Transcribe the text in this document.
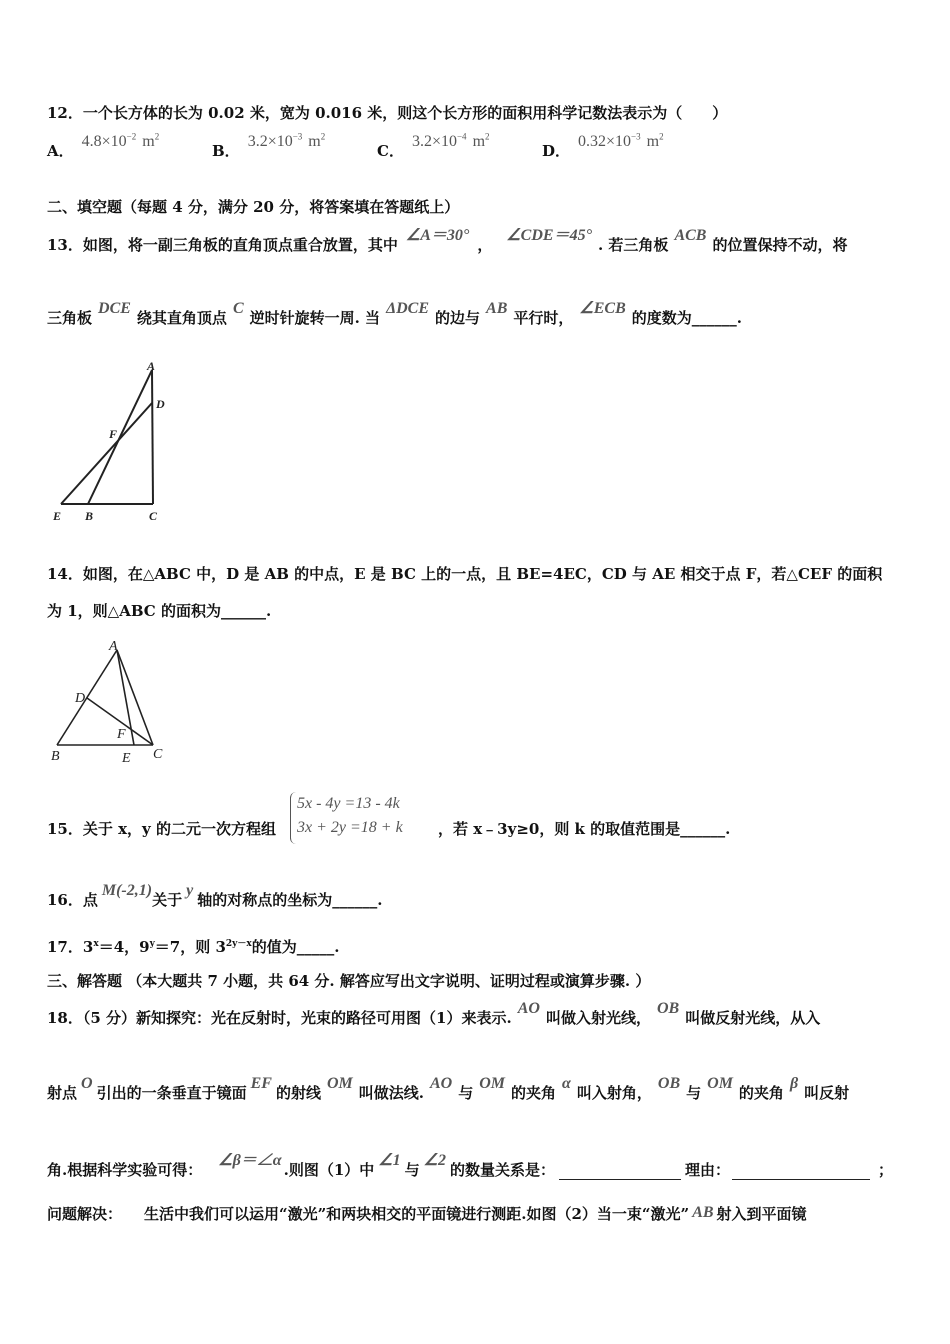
12．一个长方体的长为 0.02 米，宽为 0.016 米，则这个长方形的面积用科学记数法表示为（　　）
A．$4.8\times 10^{-2}$ $m^2$
B．$3.2\times 10^{-3}$ $m^2$
C．$3.2\times 10^{-4}$ $m^2$
D．$0.32\times 10^{-3}$ $m^2$
二、填空题（每题 4 分，满分 20 分，将答案填在答题纸上）
13．如图，将一副三角板的直角顶点重合放置，其中∠A＝30°，∠CDE＝45°. 若三角板ACB的位置保持不动，将
三角板DCE绕其直角顶点C逆时针旋转一周. 当ΔDCE的边与AB平行时，∠ECB的度数为______.
A
D
F
E B	C
14．如图，在△ABC 中，D 是 AB 的中点，E 是 BC 上的一点，且 BE=4EC，CD 与 AE 相交于点 F，若△CEF 的面积
为 1，则△ABC 的面积为______.
A
D
F
B	E C
15．关于 x，y 的二元一次方程组
5x - 4y =13 - 4k
3x + 2y =18 + k ，若 x﹣3y≥0，则 k 的取值范围是______.
16．点M(-2,1)关于y轴的对称点的坐标为______.
17．$3^x=4$，$9^y=7$，则 $3^{2y-x}$的值为_____.
三、解答题 （本大题共 7 小题，共 64 分. 解答应写出文字说明、证明过程或演算步骤. ）
18．（5 分）新知探究：光在反射时，光束的路径可用图（1）来表示.AO叫做入射光线，OB叫做反射光线，从入
射点O引出的一条垂直于镜面EF的射线OM叫做法线.AO与OM的夹角α叫入射角，OB与OM的夹角β叫反射
角.根据科学实验可得：∠β＝∠α.则图（1）中∠1与∠2的数量关系是：	理由：	；
问题解决： 生活中我们可以运用“激光”和两块相交的平面镜进行测距.如图（2）当一束“激光” AB 射入到平面镜
